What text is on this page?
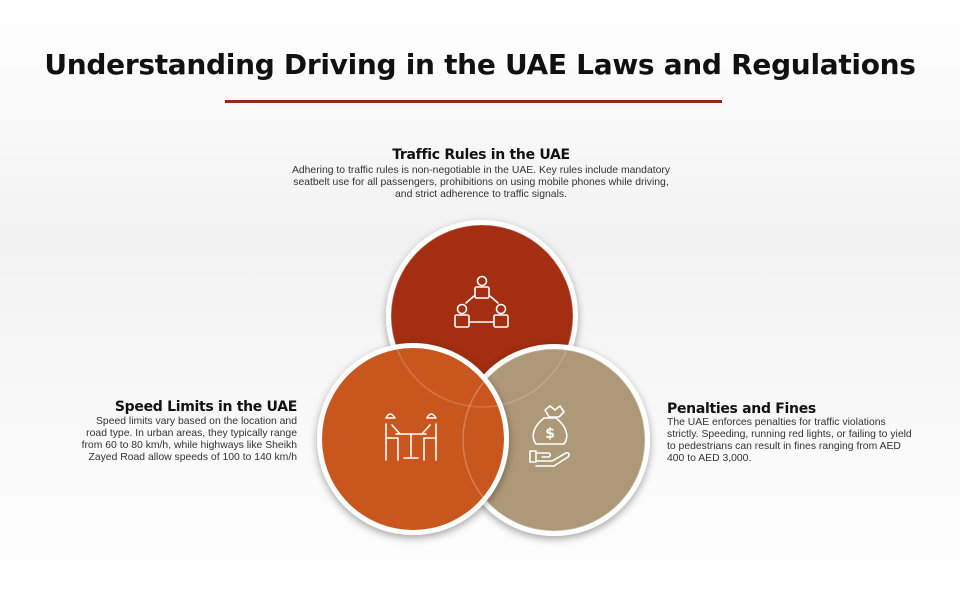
Understanding Driving in the UAE Laws and Regulations
$
Traffic Rules in the UAE
Adhering to traffic rules is non-negotiable in the UAE. Key rules include mandatory seatbelt use for all passengers, prohibitions on using mobile phones while driving, and strict adherence to traffic signals.
Speed Limits in the UAE
Speed limits vary based on the location and road type. In urban areas, they typically range from 60 to 80 km/h, while highways like Sheikh Zayed Road allow speeds of 100 to 140 km/h
Penalties and Fines
The UAE enforces penalties for traffic violations strictly. Speeding, running red lights, or failing to yield to pedestrians can result in fines ranging from AED 400 to AED 3,000.
